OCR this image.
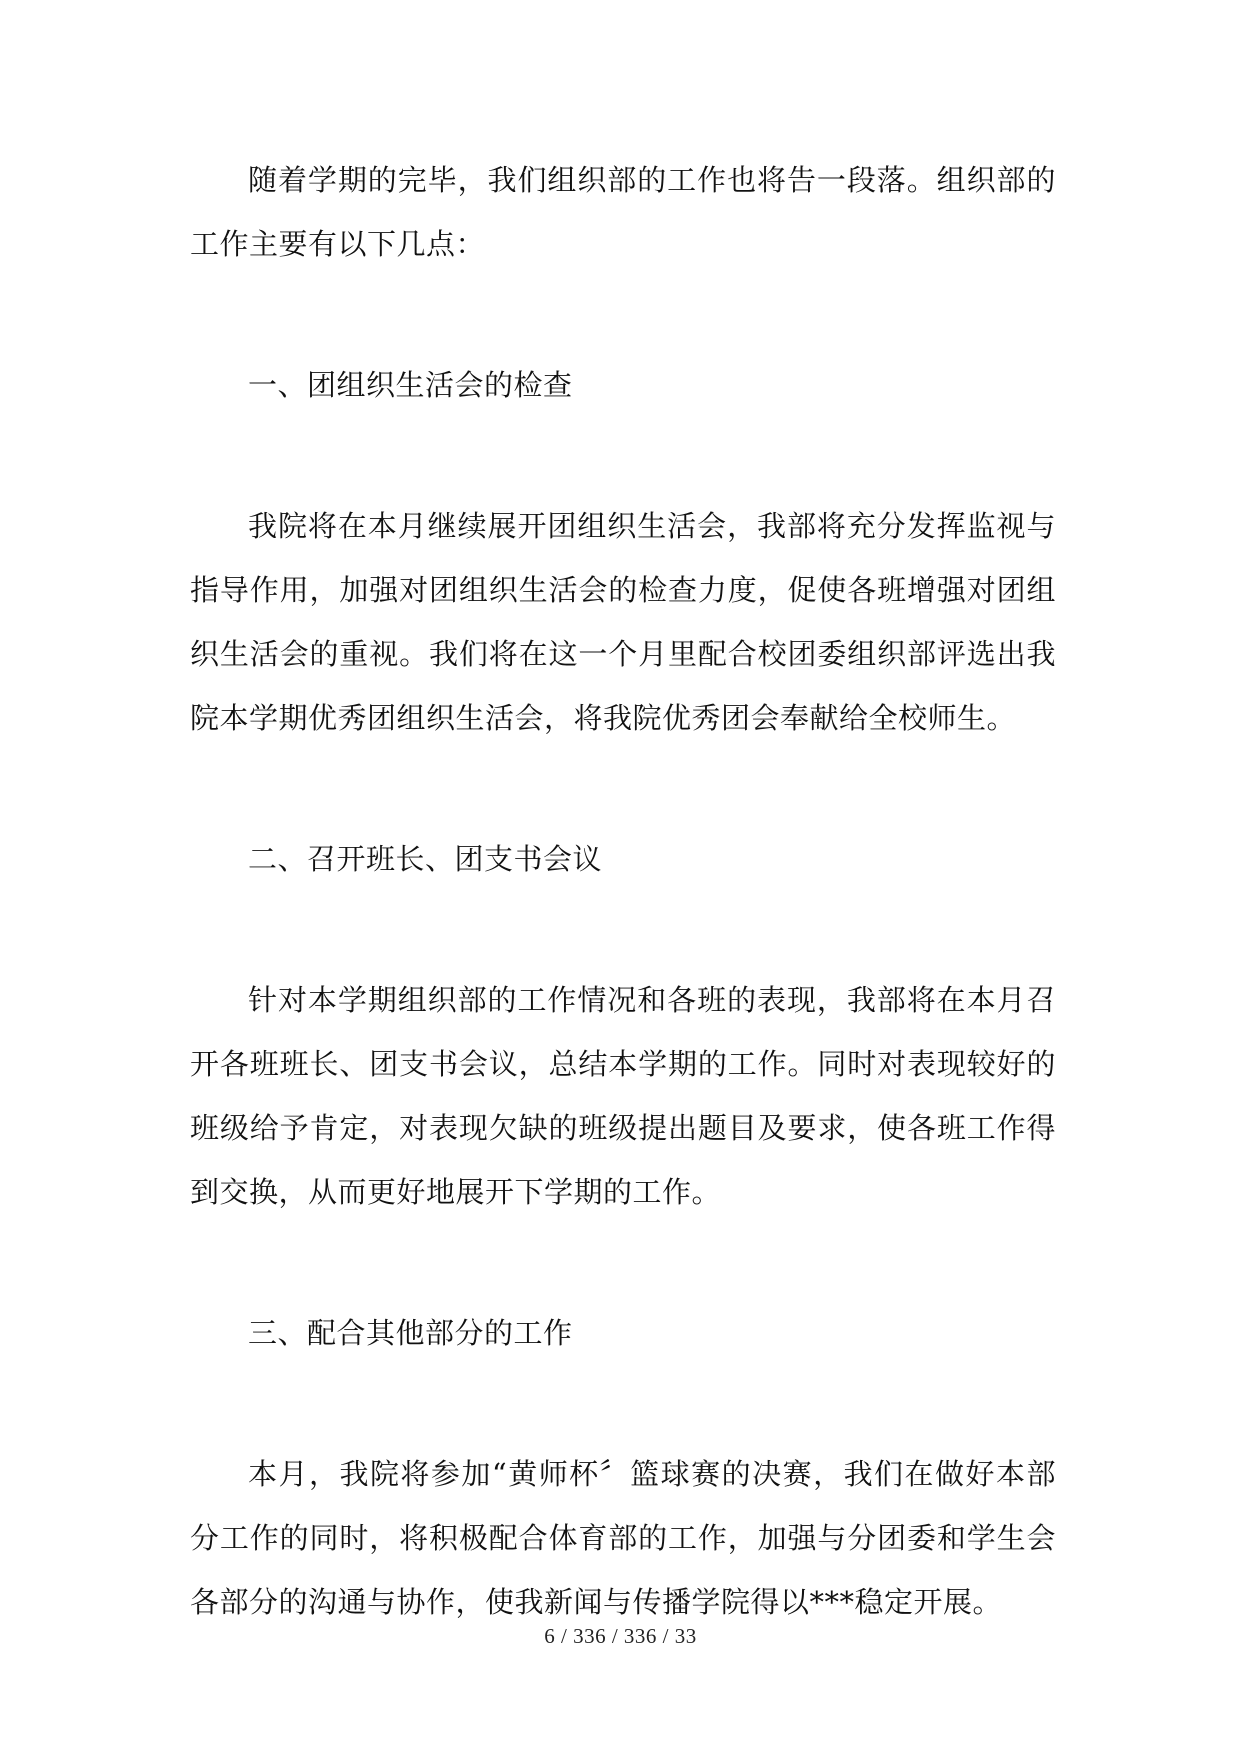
随着学期的完毕，我们组织部的工作也将告一段落。组织部的工作主要有以下几点：

一、团组织生活会的检查

我院将在本月继续展开团组织生活会，我部将充分发挥监视与指导作用，加强对团组织生活会的检查力度，促使各班增强对团组织生活会的重视。我们将在这一个月里配合校团委组织部评选出我院本学期优秀团组织生活会，将我院优秀团会奉献给全校师生。

二、召开班长、团支书会议

针对本学期组织部的工作情况和各班的表现，我部将在本月召开各班班长、团支书会议，总结本学期的工作。同时对表现较好的班级给予肯定，对表现欠缺的班级提出题目及要求，使各班工作得到交换，从而更好地展开下学期的工作。

三、配合其他部分的工作

本月，我院将参加“黄师杯〞篮球赛的决赛，我们在做好本部分工作的同时，将积极配合体育部的工作，加强与分团委和学生会各部分的沟通与协作，使我新闻与传播学院得以***稳定开展。

6 / 336 / 336 / 33
